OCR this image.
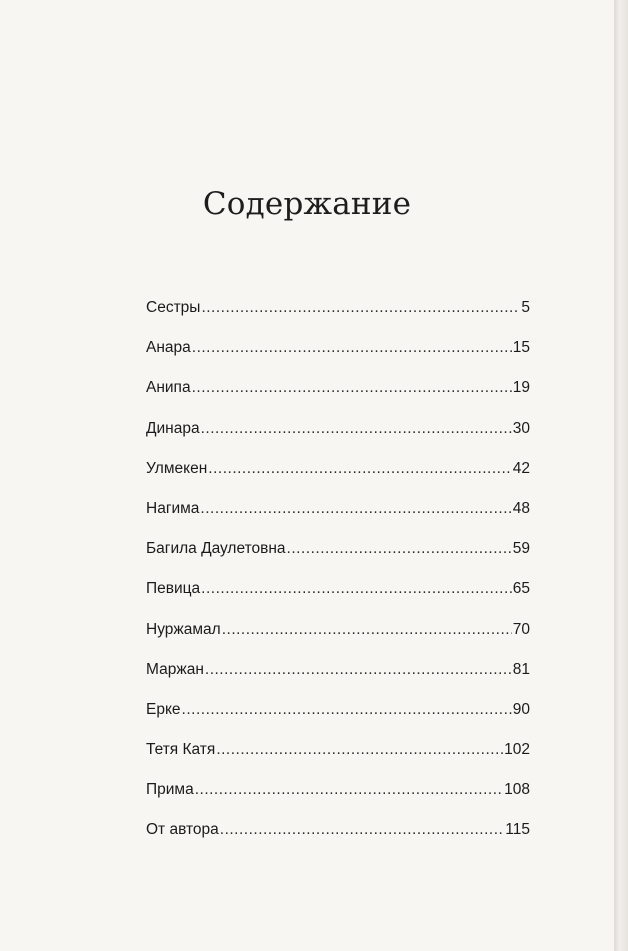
Содержание
Сестры .....	5
Анара .....	15
Анипа .....	19
Динара .....	30
Улмекен .....	42
Нагима .....	48
Багила Даулетовна .....	59
Певица .....	65
Нуржамал .....	70
Маржан .....	81
Ерке .....	90
Тетя Катя .....	102
Прима .....	108
От автора .....	115
